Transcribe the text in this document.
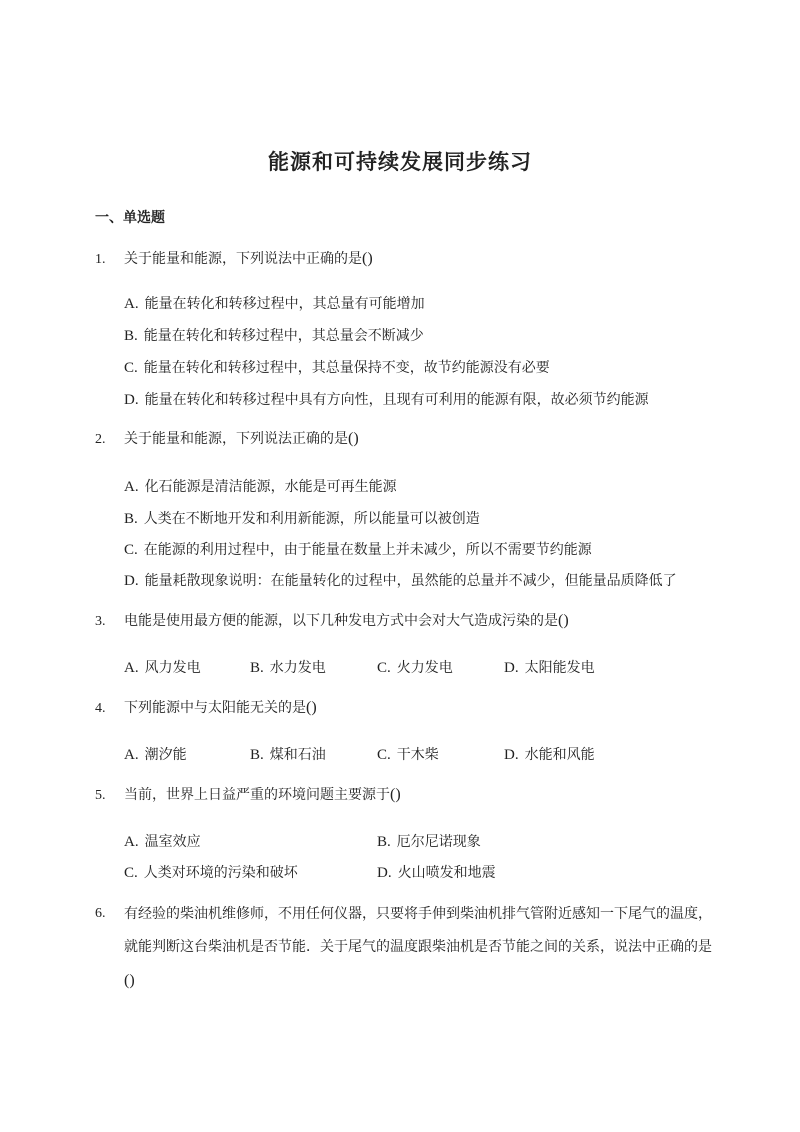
能源和可持续发展同步练习
一、单选题
1.	关于能量和能源，下列说法中正确的是()
A. 能量在转化和转移过程中，其总量有可能增加
B. 能量在转化和转移过程中，其总量会不断减少
C. 能量在转化和转移过程中，其总量保持不变，故节约能源没有必要
D. 能量在转化和转移过程中具有方向性，且现有可利用的能源有限，故必须节约能源
2.	关于能量和能源，下列说法正确的是()
A. 化石能源是清洁能源，水能是可再生能源
B. 人类在不断地开发和利用新能源，所以能量可以被创造
C. 在能源的利用过程中，由于能量在数量上并未减少，所以不需要节约能源
D. 能量耗散现象说明：在能量转化的过程中，虽然能的总量并不减少，但能量品质降低了
3.	电能是使用最方便的能源，以下几种发电方式中会对大气造成污染的是()
A. 风力发电	B. 水力发电	C. 火力发电	D. 太阳能发电
4.	下列能源中与太阳能无关的是()
A. 潮汐能	B. 煤和石油	C. 干木柴	D. 水能和风能
5.	当前，世界上日益严重的环境问题主要源于()
A. 温室效应	B. 厄尔尼诺现象
C. 人类对环境的污染和破坏	D. 火山喷发和地震
6.	有经验的柴油机维修师，不用任何仪器，只要将手伸到柴油机排气管附近感知一下尾气的温度，就能判断这台柴油机是否节能．关于尾气的温度跟柴油机是否节能之间的关系，说法中正确的是()
